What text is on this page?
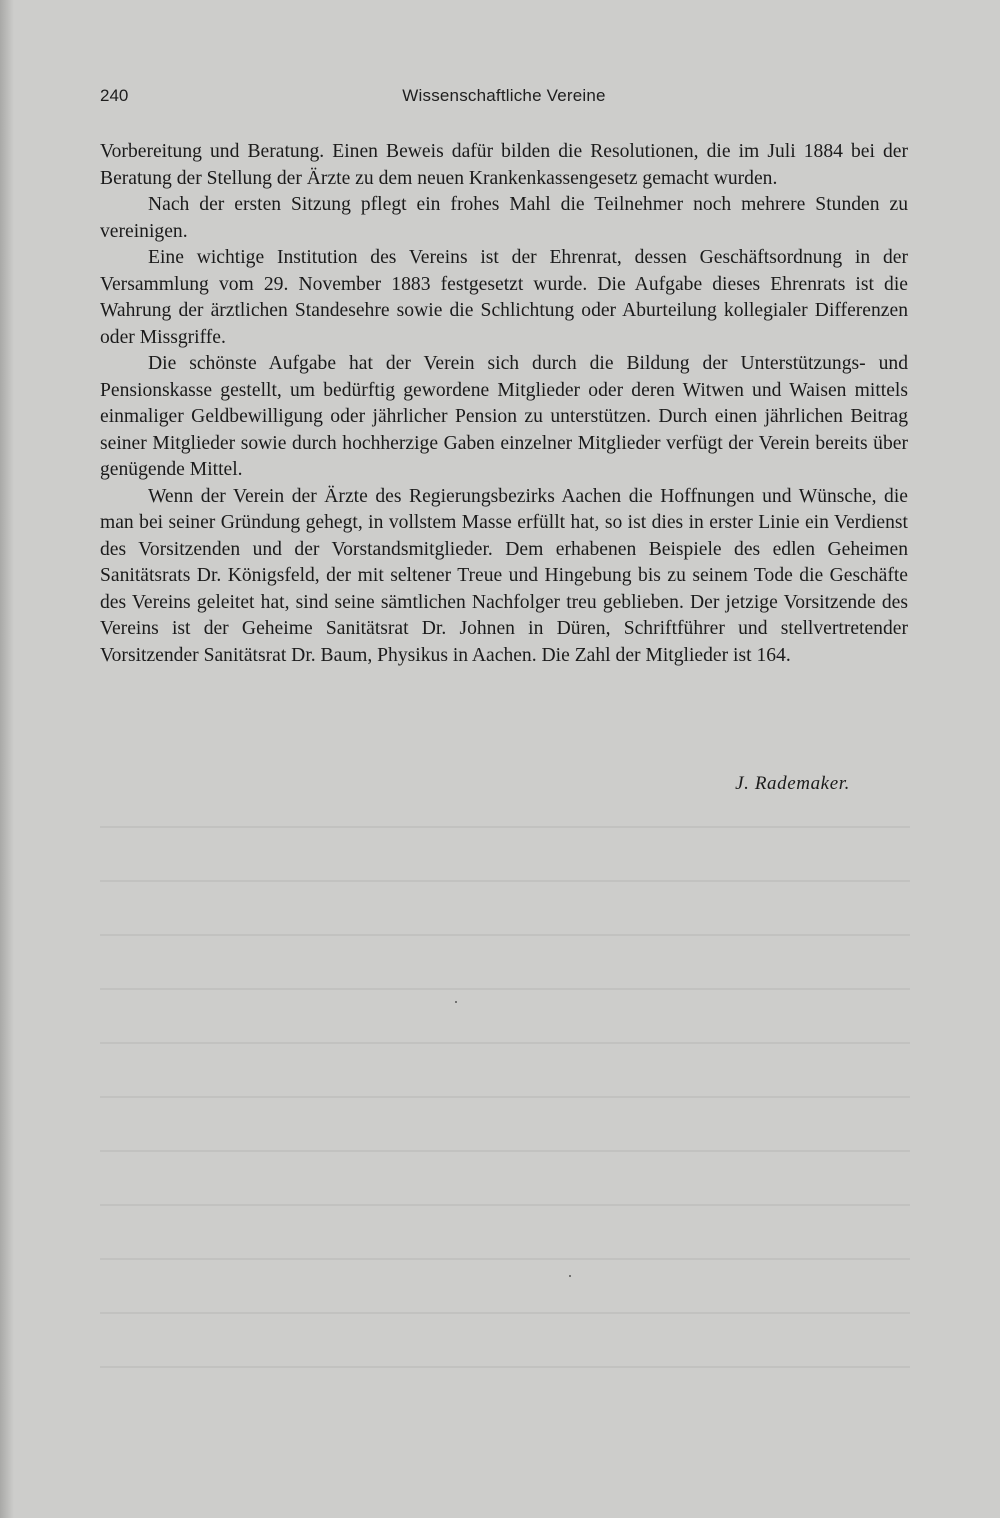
240	Wissenschaftliche Vereine

Vorbereitung und Beratung. Einen Beweis dafür bilden die Resolutionen, die im Juli 1884 bei der Beratung der Stellung der Ärzte zu dem neuen Krankenkassengesetz gemacht wurden.

Nach der ersten Sitzung pflegt ein frohes Mahl die Teilnehmer noch mehrere Stunden zu vereinigen.

Eine wichtige Institution des Vereins ist der Ehrenrat, dessen Geschäftsordnung in der Versammlung vom 29. November 1883 festgesetzt wurde. Die Aufgabe dieses Ehrenrats ist die Wahrung der ärztlichen Standesehre sowie die Schlichtung oder Aburteilung kollegialer Differenzen oder Missgriffe.

Die schönste Aufgabe hat der Verein sich durch die Bildung der Unterstützungs- und Pensionskasse gestellt, um bedürftig gewordene Mitglieder oder deren Witwen und Waisen mittels einmaliger Geldbewilligung oder jährlicher Pension zu unterstützen. Durch einen jährlichen Beitrag seiner Mitglieder sowie durch hochherzige Gaben einzelner Mitglieder verfügt der Verein bereits über genügende Mittel.

Wenn der Verein der Ärzte des Regierungsbezirks Aachen die Hoffnungen und Wünsche, die man bei seiner Gründung gehegt, in vollstem Masse erfüllt hat, so ist dies in erster Linie ein Verdienst des Vorsitzenden und der Vorstandsmitglieder. Dem erhabenen Beispiele des edlen Geheimen Sanitätsrats Dr. Königsfeld, der mit seltener Treue und Hingebung bis zu seinem Tode die Geschäfte des Vereins geleitet hat, sind seine sämtlichen Nachfolger treu geblieben. Der jetzige Vorsitzende des Vereins ist der Geheime Sanitätsrat Dr. Johnen in Düren, Schriftführer und stellvertretender Vorsitzender Sanitätsrat Dr. Baum, Physikus in Aachen. Die Zahl der Mitglieder ist 164.

J. Rademaker.
